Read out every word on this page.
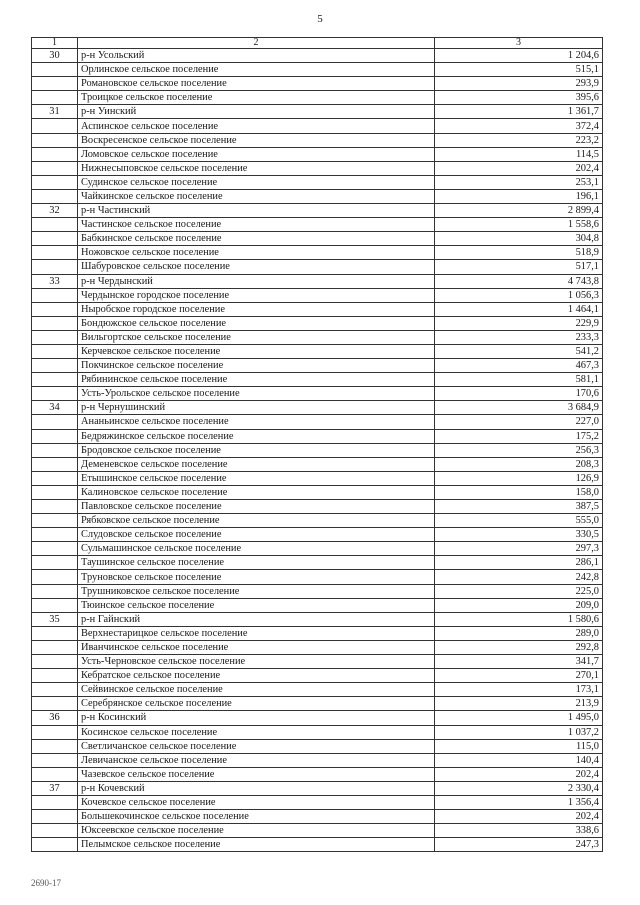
5
1	2	3
30	р-н Усольский	1 204,6
	Орлинское сельское поселение	515,1
	Романовское сельское поселение	293,9
	Троицкое сельское поселение	395,6
31	р-н Уинский	1 361,7
	Аспинское сельское поселение	372,4
	Воскресенское сельское поселение	223,2
	Ломовское сельское поселение	114,5
	Нижнесыповское сельское поселение	202,4
	Судинское сельское поселение	253,1
	Чайкинское сельское поселение	196,1
32	р-н Частинский	2 899,4
	Частинское сельское поселение	1 558,6
	Бабкинское сельское поселение	304,8
	Ножовское сельское поселение	518,9
	Шабуровское сельское поселение	517,1
33	р-н Чердынский	4 743,8
	Чердынское городское поселение	1 056,3
	Ныробское городское поселение	1 464,1
	Бондюжское сельское поселение	229,9
	Вильгортское сельское поселение	233,3
	Керчевское сельское поселение	541,2
	Покчинское сельское поселение	467,3
	Рябининское сельское поселение	581,1
	Усть-Урольское сельское поселение	170,6
34	р-н Чернушинский	3 684,9
	Ананьинское сельское поселение	227,0
	Бедряжинское сельское поселение	175,2
	Бродовское сельское поселение	256,3
	Деменевское сельское поселение	208,3
	Етышинское сельское поселение	126,9
	Калиновское сельское поселение	158,0
	Павловское сельское поселение	387,5
	Рябковское сельское поселение	555,0
	Слудовское сельское поселение	330,5
	Сульмашинское сельское поселение	297,3
	Таушинское сельское поселение	286,1
	Труновское сельское поселение	242,8
	Трушниковское сельское поселение	225,0
	Тюинское сельское поселение	209,0
35	р-н Гайнский	1 580,6
	Верхнестарицкое сельское поселение	289,0
	Иванчинское сельское поселение	292,8
	Усть-Черновское сельское поселение	341,7
	Кебратское сельское поселение	270,1
	Сейвинское сельское поселение	173,1
	Серебрянское сельское поселение	213,9
36	р-н Косинский	1 495,0
	Косинское сельское поселение	1 037,2
	Светличанское сельское поселение	115,0
	Левичанское сельское поселение	140,4
	Чазевское сельское поселение	202,4
37	р-н Кочевский	2 330,4
	Кочевское сельское поселение	1 356,4
	Большекочинское сельское поселение	202,4
	Юксеевское сельское поселение	338,6
	Пелымское сельское поселение	247,3
2690-17
